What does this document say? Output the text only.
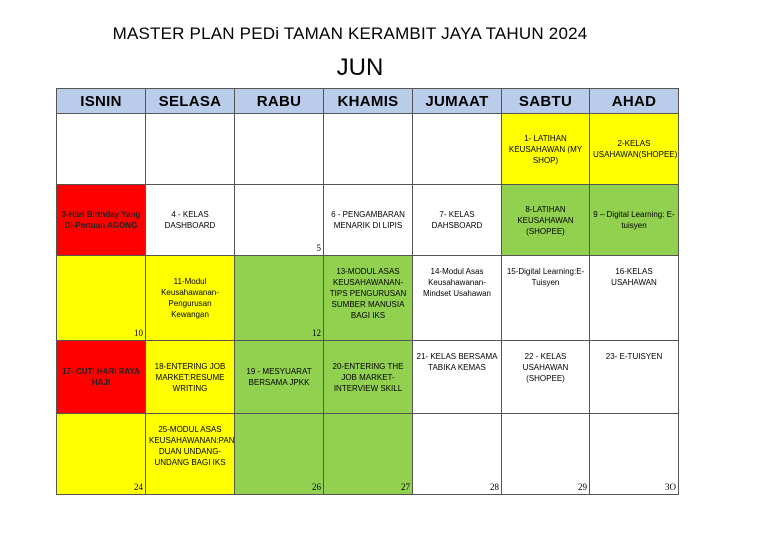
MASTER PLAN PEDi TAMAN KERAMBIT JAYA TAHUN 2024
JUN
ISNIN	SELASA	RABU	KHAMIS	JUMAAT	SABTU	AHAD

					1- LATIHAN KEUSAHAWAN (MY SHOP)	2-KELAS USAHAWAN(SHOPEE)

3-Hari Birthday Yang Di-Pertuan AGONG	4 - KELAS DASHBOARD	5	6 - PENGAMBARAN MENARIK DI LIPIS	7- KELAS DAHSBOARD	8-LATIHAN KEUSAHAWAN (SHOPEE)	9 – Digital Learning: E-tuisyen

10	11-Modul Keusahawanan-Pengurusan Kewangan	12	13-MODUL ASAS KEUSAHAWANAN-TIPS PENGURUSAN SUMBER MANUSIA BAGI IKS	14-Modul Asas Keusahawanan-Mindset Usahawan	15-Digital Learning:E-Tuisyen	16-KELAS USAHAWAN

17- CUTI HARI RAYA HAJI	18-ENTERING JOB MARKET:RESUME WRITING	19 - MESYUARAT BERSAMA JPKK	20-ENTERING THE JOB MARKET-INTERVIEW SKILL	21- KELAS BERSAMA TABIKA KEMAS	22 - KELAS USAHAWAN (SHOPEE)	23- E-TUISYEN

24	25-MODUL ASAS KEUSAHAWANAN:PAN DUAN UNDANG-UNDANG BAGI IKS	26	27	28	29	3O
